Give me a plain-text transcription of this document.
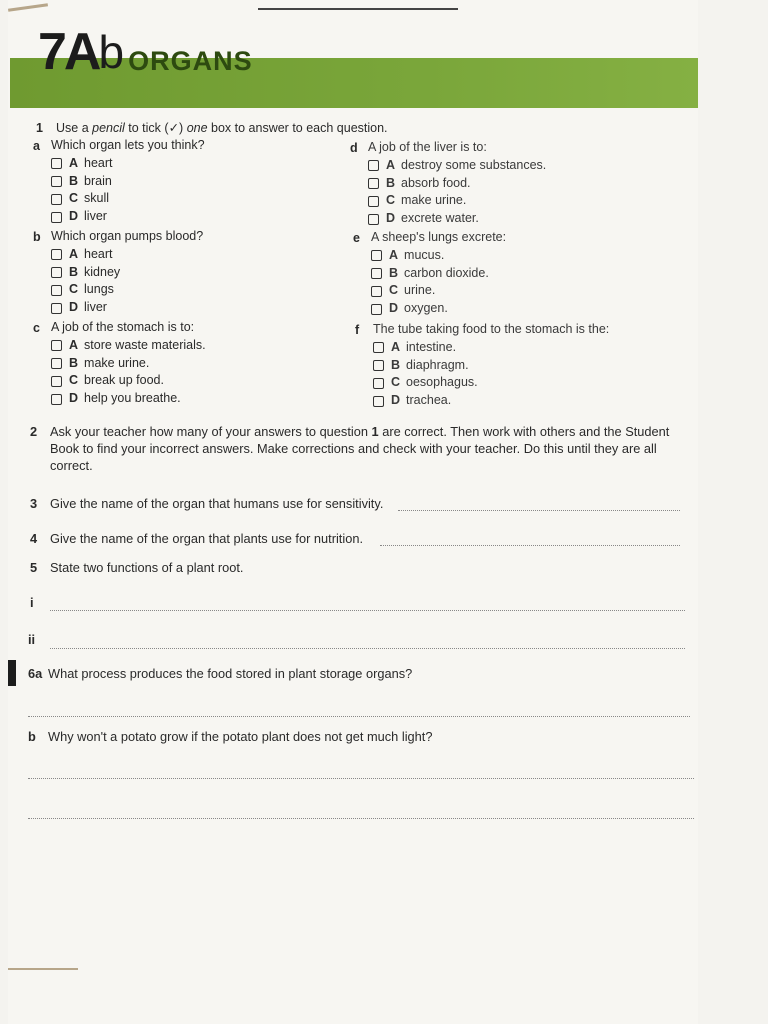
7A b ORGANS
1 Use a pencil to tick (✓) one box to answer to each question.
a Which organ lets you think?
A heart
B brain
C skull
D liver
b Which organ pumps blood?
A heart
B kidney
C lungs
D liver
c A job of the stomach is to:
A store waste materials.
B make urine.
C break up food.
D help you breathe.
d A job of the liver is to:
A destroy some substances.
B absorb food.
C make urine.
D excrete water.
e A sheep's lungs excrete:
A mucus.
B carbon dioxide.
C urine.
D oxygen.
f The tube taking food to the stomach is the:
A intestine.
B diaphragm.
C oesophagus.
D trachea.
2 Ask your teacher how many of your answers to question 1 are correct. Then work with others and the Student Book to find your incorrect answers. Make corrections and check with your teacher. Do this until they are all correct.
3 Give the name of the organ that humans use for sensitivity.
4 Give the name of the organ that plants use for nutrition.
5 State two functions of a plant root.
i
ii
6a What process produces the food stored in plant storage organs?
b Why won't a potato grow if the potato plant does not get much light?
